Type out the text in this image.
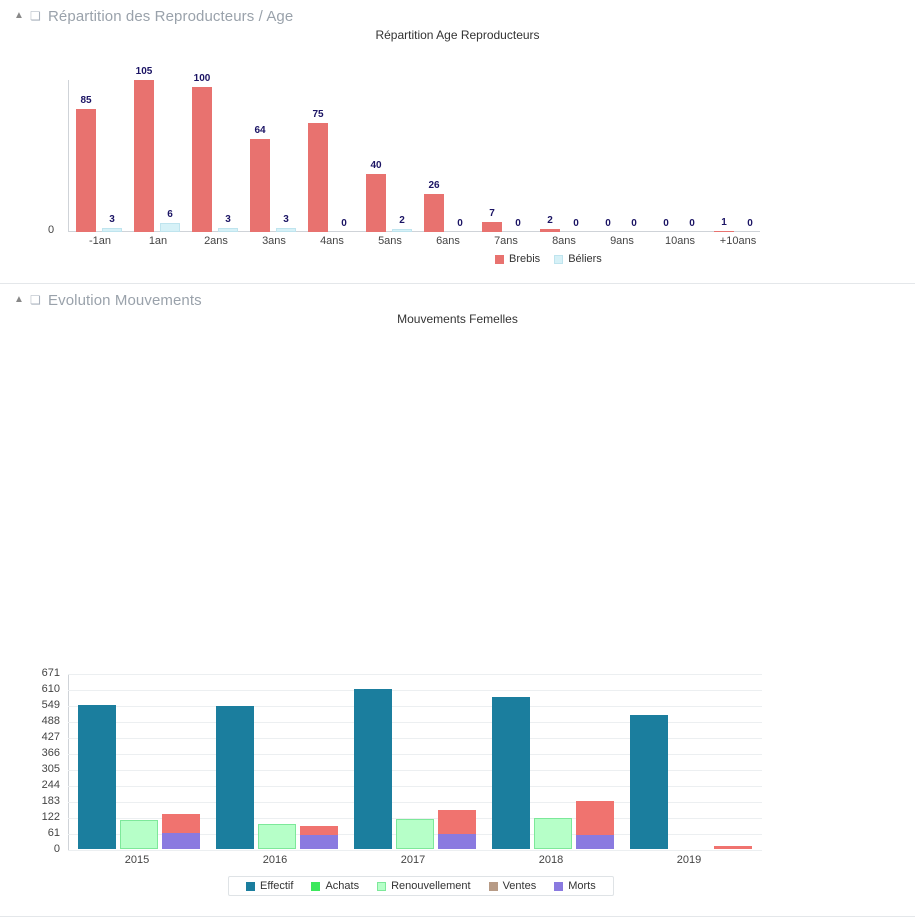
▲ ❏ Répartition des Reproducteurs / Age
Répartition Age Reproducteurs
0
85
3
105
6
100
3
64
3
75
0
40
2
26
0
7
0	2	0	0	0	0	0	1	0
-1an	1an	2ans	3ans	4ans	5ans	6ans	7ans	8ans	9ans	10ans	+10ans
Brebis	Béliers
▲ ❏ Evolution Mouvements
Mouvements Femelles
671
610
549
488
427
366
305
244
183
122
61
0
2015	2016	2017	2018	2019
Effectif	Achats	Renouvellement	Ventes	Morts
